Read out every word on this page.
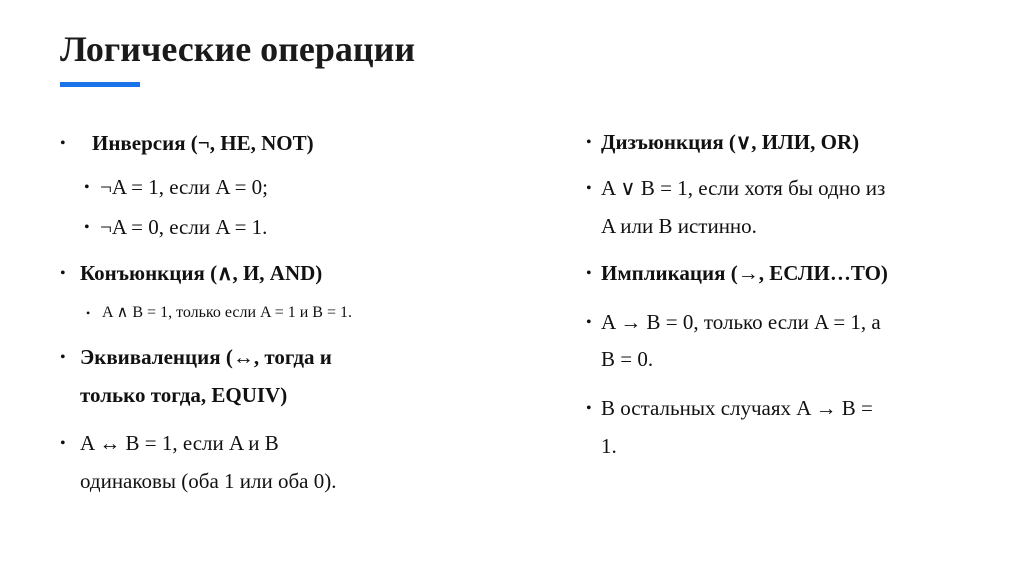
Логические операции
• Инверсия (¬, НЕ, NOT)
• ¬A = 1, если A = 0;
• ¬A = 0, если A = 1.
• Конъюнкция (∧, И, AND)
• A ∧ B = 1, только если A = 1 и B = 1.
• Эквиваленция (↔, тогда и
только тогда, EQUIV)
• A ↔ B = 1, если A и B
одинаковы (оба 1 или оба 0).
• Дизъюнкция (∨, ИЛИ, OR)
• A ∨ B = 1, если хотя бы одно из
A или B истинно.
• Импликация (→, ЕСЛИ…ТО)
• A → B = 0, только если A = 1, а
B = 0.
• В остальных случаях A → B =
1.
